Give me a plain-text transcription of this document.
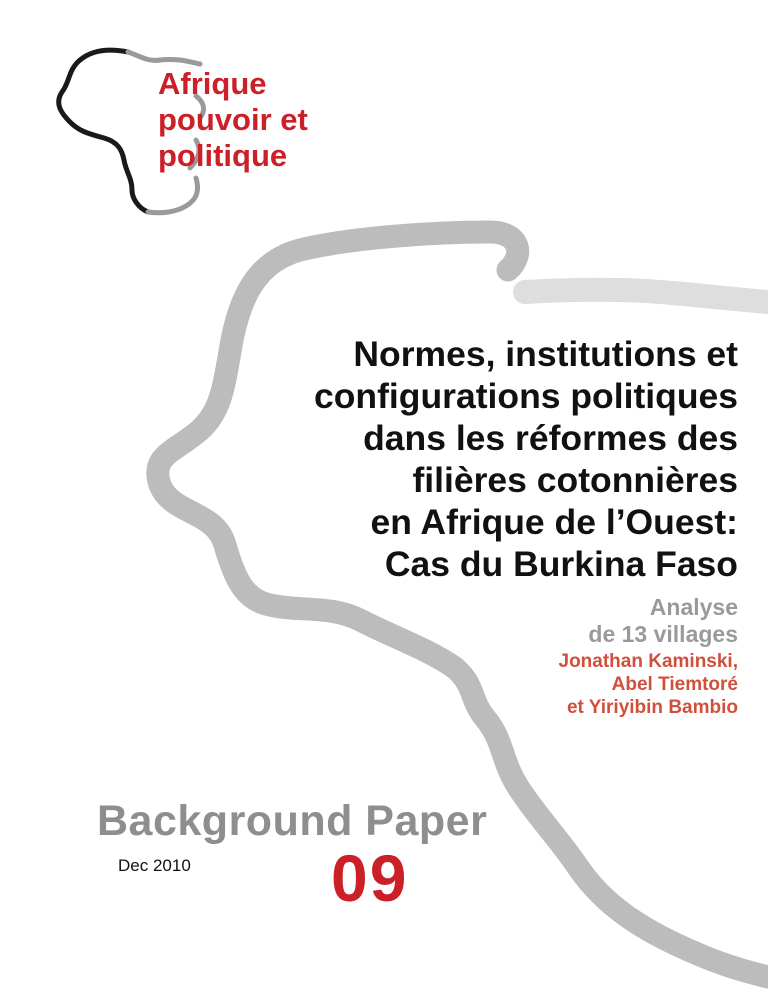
Afrique
pouvoir et
politique
Normes, institutions et
configurations politiques
dans les réformes des
filières cotonnières
en Afrique de l’Ouest:
Cas du Burkina Faso
Analyse
de 13 villages

Jonathan Kaminski,
Abel Tiemtoré
et Yiriyibin Bambio

Background Paper
Dec 2010 09
